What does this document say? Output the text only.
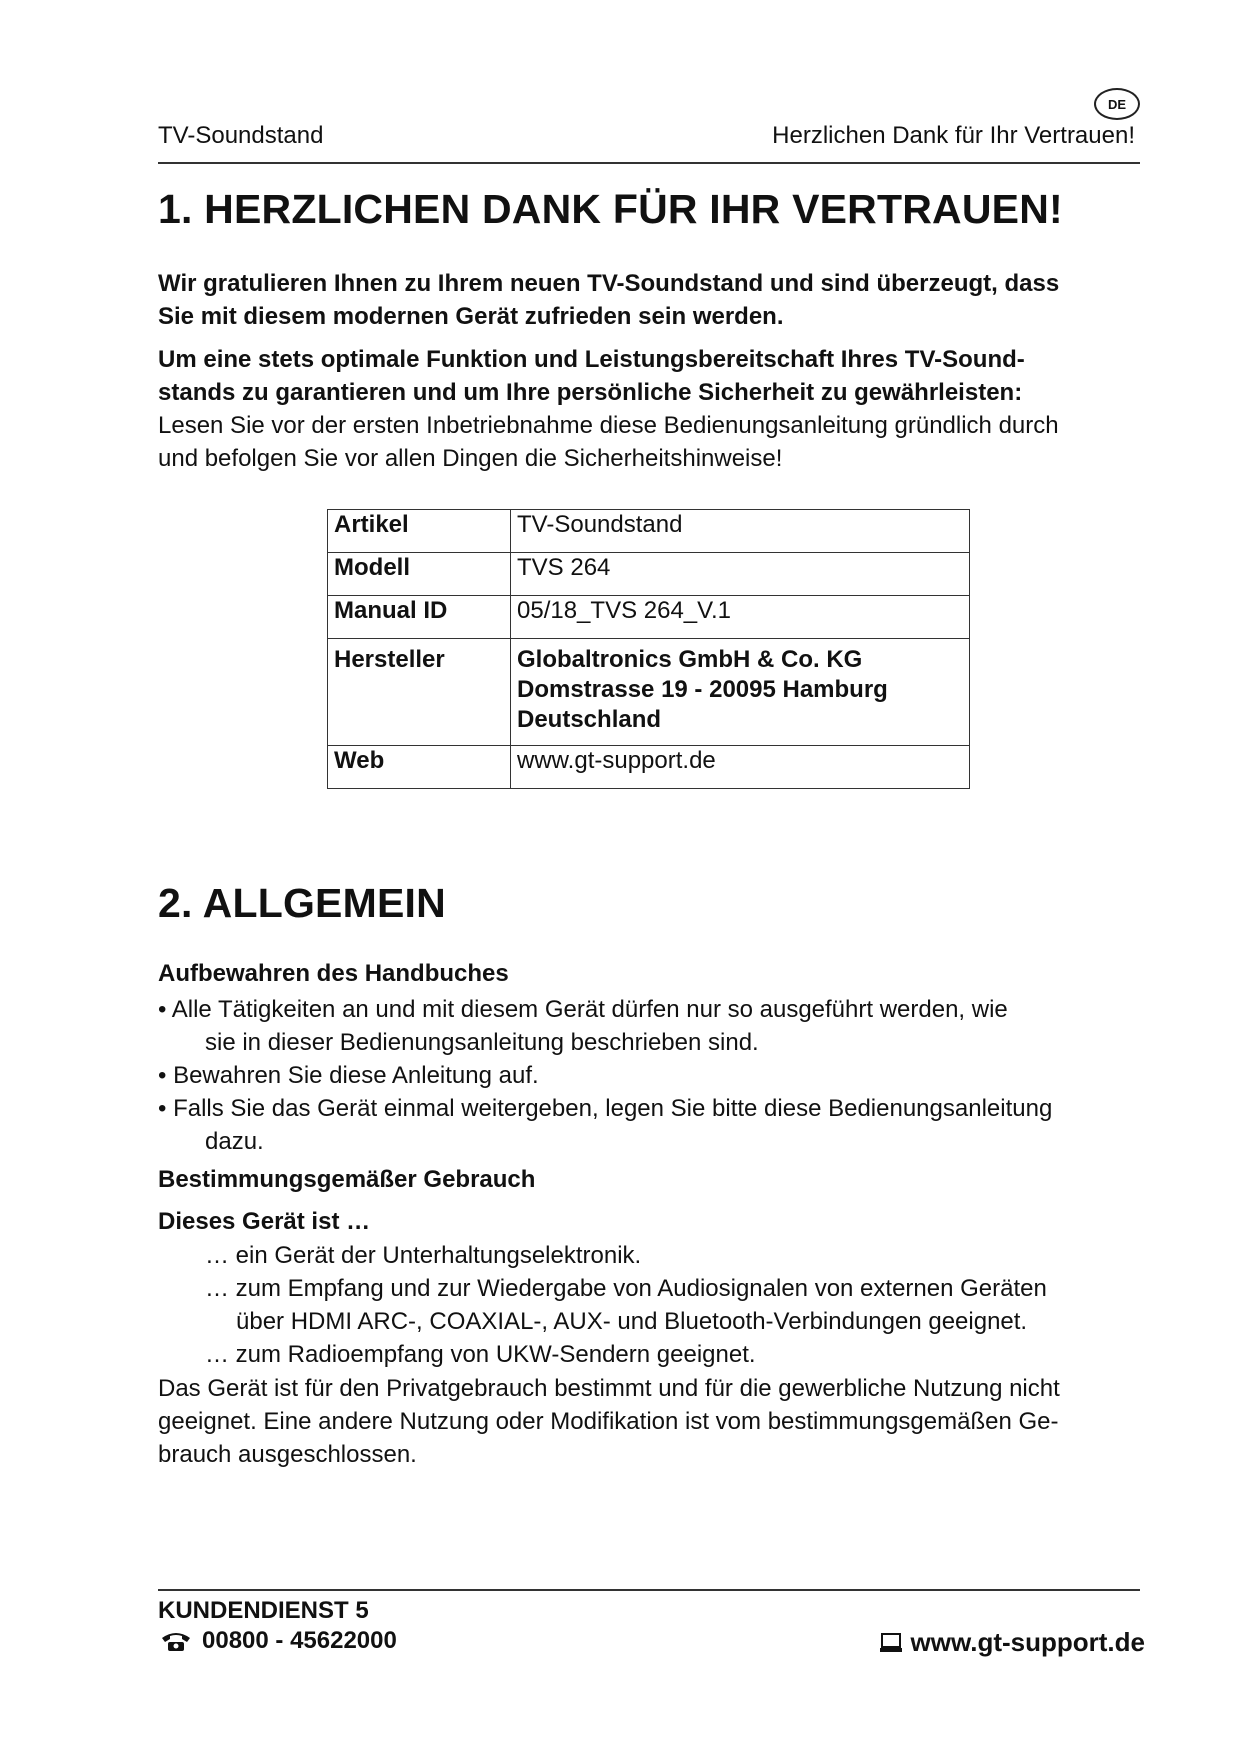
DE
TV-Soundstand	Herzlichen Dank für Ihr Vertrauen!
1. HERZLICHEN DANK FÜR IHR VERTRAUEN!
Wir gratulieren Ihnen zu Ihrem neuen TV-Soundstand und sind überzeugt, dass
Sie mit diesem modernen Gerät zufrieden sein werden.
Um eine stets optimale Funktion und Leistungsbereitschaft Ihres TV-Sound-
stands zu garantieren und um Ihre persönliche Sicherheit zu gewährleisten:
Lesen Sie vor der ersten Inbetriebnahme diese Bedienungsanleitung gründlich durch
und befolgen Sie vor allen Dingen die Sicherheitshinweise!
Artikel	TV-Soundstand
Modell	TVS 264
Manual ID	05/18_TVS 264_V.1
Hersteller	Globaltronics GmbH & Co. KG
Domstrasse 19 - 20095 Hamburg
Deutschland

Web	www.gt-support.de
2. ALLGEMEIN
Aufbewahren des Handbuches
• Alle Tätigkeiten an und mit diesem Gerät dürfen nur so ausgeführt werden, wie
sie in dieser Bedienungsanleitung beschrieben sind.
• Bewahren Sie diese Anleitung auf.
• Falls Sie das Gerät einmal weitergeben, legen Sie bitte diese Bedienungsanleitung
dazu.
Bestimmungsgemäßer Gebrauch
Dieses Gerät ist …
… ein Gerät der Unterhaltungselektronik.
… zum Empfang und zur Wiedergabe von Audiosignalen von externen Geräten
über HDMI ARC-, COAXIAL-, AUX- und Bluetooth-Verbindungen geeignet.
… zum Radioempfang von UKW-Sendern geeignet.
Das Gerät ist für den Privatgebrauch bestimmt und für die gewerbliche Nutzung nicht
geeignet. Eine andere Nutzung oder Modifikation ist vom bestimmungsgemäßen Ge-
brauch ausgeschlossen.
KUNDENDIENST 5
00800 - 45622000	www.gt-support.de
